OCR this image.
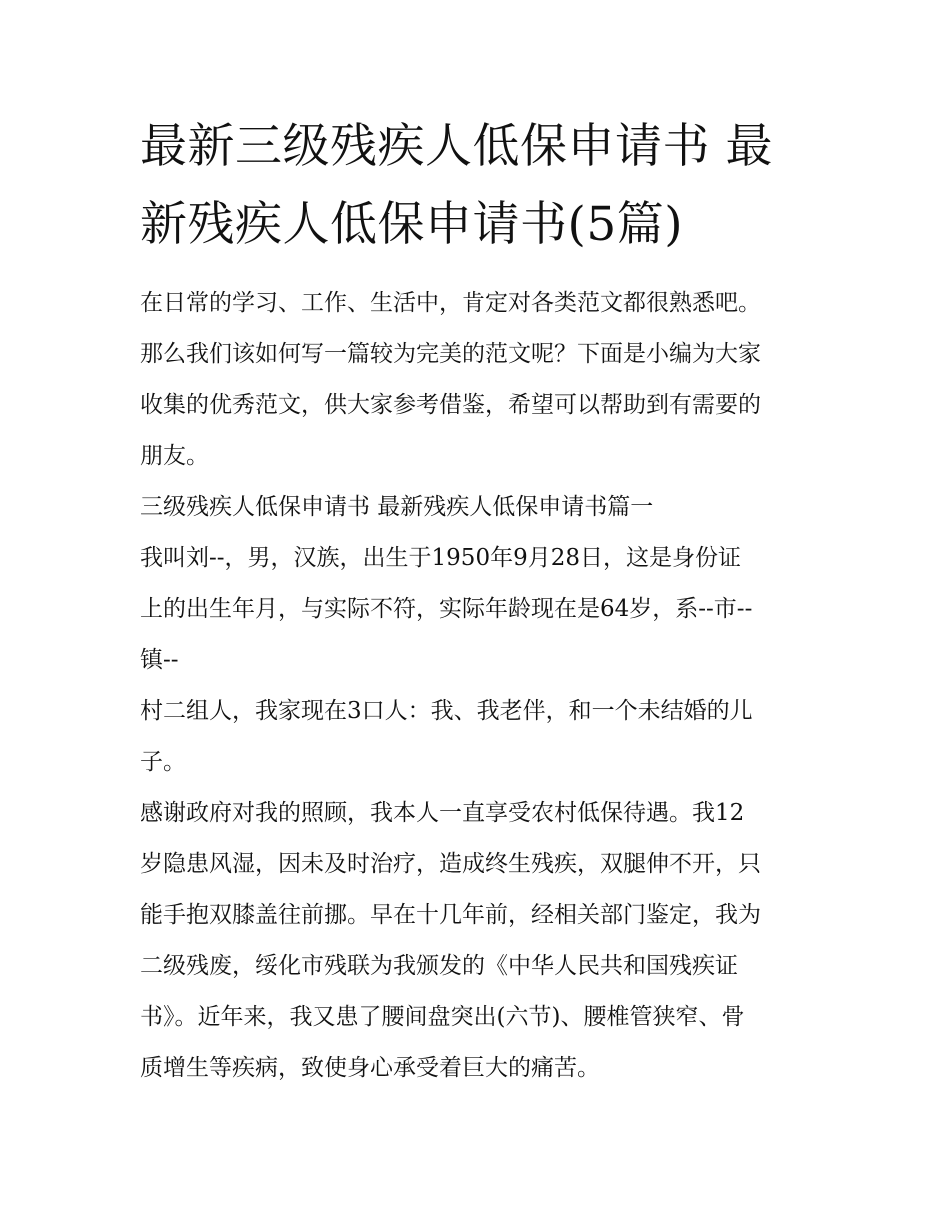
最新三级残疾人低保申请书 最
新残疾人低保申请书(5篇)

在日常的学习、工作、生活中，肯定对各类范文都很熟悉吧。
那么我们该如何写一篇较为完美的范文呢？下面是小编为大家
收集的优秀范文，供大家参考借鉴，希望可以帮助到有需要的
朋友。

三级残疾人低保申请书 最新残疾人低保申请书篇一

我叫刘--，男，汉族，出生于1950年9月28日，这是身份证
上的出生年月，与实际不符，实际年龄现在是64岁，系--市--
镇--

村二组人，我家现在3口人：我、我老伴，和一个未结婚的儿
子。

感谢政府对我的照顾，我本人一直享受农村低保待遇。我12
岁隐患风湿，因未及时治疗，造成终生残疾，双腿伸不开，只
能手抱双膝盖往前挪。早在十几年前，经相关部门鉴定，我为
二级残废，绥化市残联为我颁发的《中华人民共和国残疾证
书》。近年来，我又患了腰间盘突出(六节)、腰椎管狭窄、骨
质增生等疾病，致使身心承受着巨大的痛苦。
